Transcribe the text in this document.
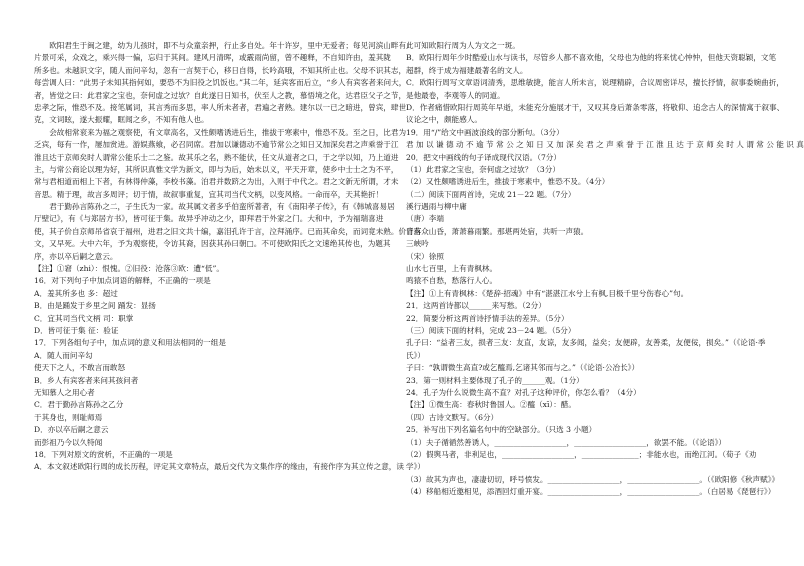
欧阳君生于闽之建，幼为儿孩时，即不与众童亲押，行止多自处。年十许岁，里中无爱者；每见河滨山畔有
片景可采，众戏之，乘兴得一偏，忘归于其间。建风月清晖，或霰雨尚留，曾不趣释，不自知许由，羞其陇
所多也。未越识文字，随人而问辛勾，忽有一言契于心，移日自得，长吟高哦，不知其所止也。父母不识其志，
每尝调人曰：“此男子未知其指何如，要恐不为旧役之饥饭也。”其二年，延宾客而后立，“乡人有宾客者来问大，
者，皆觉之曰：此君家之宝也，奈何虚之过欤？自此遂日日知书，伏至人之教，慕悟境之化，达君臣父子之节，
忠孝之际，惟恐不及。接笔属词，其言秀而多思，率人所未者者，君遍之者熟。建尔以一已之暗进，曾宾，肆世
克，文词眩，遂大振耀，眶闻之乡，不知有他人也。
会故相常衮来为福之观察使，有文章高名，又性颇嗜诱进后生，推拔于寒素中，惟恐不及。至之日，比君为
乏宾，每有一作，屡加赏进。游娱燕飨，必召同席。君加以谦德动不逾节常公之知日又加深矣君之声乘誉于江
淮且达于京师矣时人谓常公能乐士二之鉴。故其乐之名，熟不能伏，任文从道者之口，于之学以知，乃上道进
主，与常公商论以理为好，其所识真惟文学为新文，即与为后，始未以义，平天开章，使乡中士士之为不平，
常与君相道而相上下者，有林得仲藻，李校书藻。泊君并数跻之为出，入则于中代之。君之文新无所谓，才未
音思。精于理，故言多周评；切于情，故叙事重复，宜其司当代文柄，以变风格。一命而卒，天其艳折！
君于勤孙言陈孙之二，子生氏为一家。故其属文者多乎伯蛮所著者，有《南阳孝子传》，有《韩城喜易居
厅壁记》，有《与郑居方书》，皆可征于集。故异乎冲动之少，即拜君于外家之门。大和中，予为福瑞喜进
使，其子价自京师吊省哀于福州，进君之旧文共十编，嘉泪孔许于言，泣拜涌序。已而其命矣，而词竟未熟。价背有
文，又早死。大中六年，予为观察使，令访其裔，因获其孙曰朝□。不可使欧阳氏之文速绝其传也，为题其
序，亦以卒后嗣之意云。
【注】①窘（zhi）：恨愧。②旧役：沧落③欧：遭“低”。
16．对下列句子中加点词语的解释，不正确的一项是
A．羞其所多也 多：超过
B．由是踊发于乡里之间 踊发：显扬
C．宜其司当代文柄 司：职掌
D．皆可征于集 征：验证
17．下列各组句子中，加点词的意义和用法相同的一组是
A．随人而问辛勾
使天下之人，不敢言而敢怒
B．乡人有宾客者来问其孩问者
无知慕人之用心者
C．君于勤孙言陈孙之乙分
于其身也，则耻师焉
D．亦以卒后嗣之意云
而彭祖乃今以久特闻
18．下列对原文的赏析，不正确的一项是
A．本文叙述欧阳行周的成长历程，评定其文章特点，最后交代为文集作序的缘由，有接作序为其立传之意，读
此可知欧阳行周为人为文之一斑。
B．欧阳行周年少时酷爱山水与读书，尽管乡人都不喜欢他，父母也为他的将来忧心忡忡，但他天资聪颖，文笔
超群，终于成为福建最著名的文人。
C．欧阳行周写文章语词清秀，思维敏捷，能言人所未言，说理精辟，合议周密详尽，擅长抒情，叙事委婉曲折，
是他最卷，李观等人的同道。
D．作者痛惜欧阳行周英年早逝，未能充分施展才干，又叹其身后萧条零落，将敬仰、追念古人的深情寓于叙事、
议论之中，颇能感人。
19．用“/”给文中画波浪线的部分断句。（3分）
君 加 以 谦 德 动 不 逾 节 常 公 之 知 日 又 加 深 矣 君 之 声 乘 誉 于 江 淮 且 达 于 京 师 矣 时 人 谓 常 公 能 识 真
20．把文中画线的句子译成现代汉语。（7分）
（1）此君家之宝也，奈何虚之过欤？（3分）
（2）又性颇嗜诱进后生，推拔于寒素中，惟恐不及。（4分）
（二）阅读下面两首诗，完成 21－22 题。（7分）
溪行遇雨与柳中庸
（唐）李端
日落众山昏，萧萧暮雨繁。那堪两处宿，共听一声猿。
三峡吟
（宋）徐照
山水七百里，上有青枫林。
鸣猿不自愁，愁落行人心。
【注】①上有青枫林：《楚辞·招魂》中有“湛湛江水兮上有枫,目极千里兮伤春心”句。
21．这两首诗都以______来写愁。（2分）
22．简要分析这两首诗抒情手法的差异。（5分）
（三）阅读下面的材料，完成 23－24 题。（5分）
孔子曰：“益者三友，损者三友：友直，友谅，友多闻，益矣；友便辟，友善柔，友便佞，损矣。”（《论语·季
氏》）
子曰：“孰谓微生高直?或乞醯焉,乞诸其邻而与之。”（《论语·公冶长》）
23．第一则材料主要体现了孔子的______观。（1分）
24．孔子为什么说微生高不直？对孔子这种评价，你怎么看？（4分）
【注】①微生高：春秋时鲁国人。②醯（xī）：醋。
（四）古诗文默写。（6分）
25．补写出下列名篇名句中的空缺部分。（只选 3 小题）
（1）夫子循循然善诱人，___________________，___________________，欲罢不能。（《论语》）
（2）假舆马者，非利足也，___________________，_______________；非能水也，而绝江河。（荀子《劝
学》）
（3）故其为声也，凄凄切切，呼号愤发。___________________，___________________。（《欧阳修《秋声赋》》
（4）移船相近邀相见，添酒回灯重开宴。___________________，___________________。（白居易《琵琶行》）
